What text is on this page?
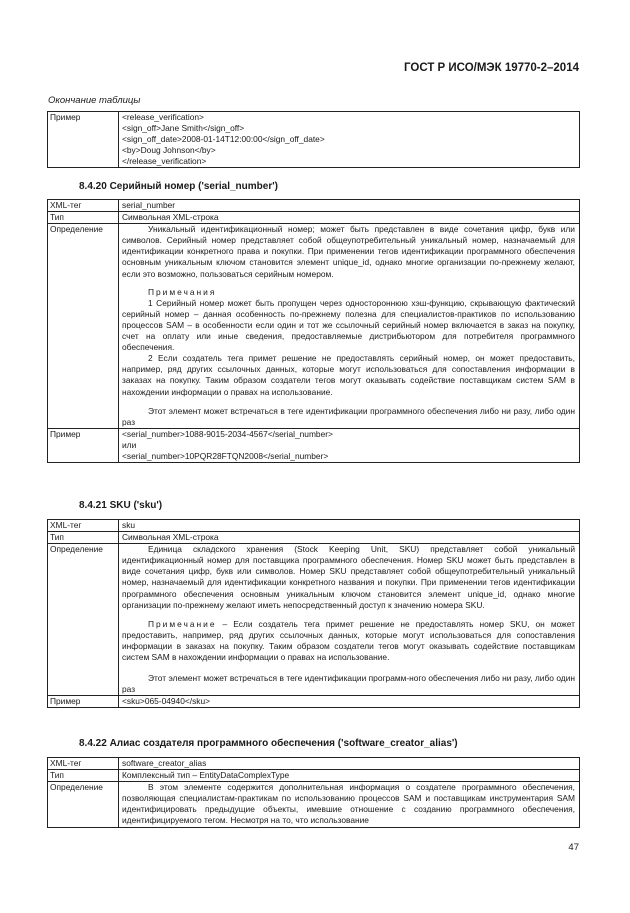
ГОСТ Р ИСО/МЭК 19770-2–2014
Окончание таблицы
Пример	<release_verification>
<sign_off>Jane Smith</sign_off>
<sign_off_date>2008-01-14T12:00:00</sign_off_date>
<by>Doug Johnson</by>
</release_verification>
8.4.20 Серийный номер ('serial_number')
XML-тег	serial_number
Тип	Символьная XML-строка
Определение	Уникальный идентификационный номер; может быть представлен в виде сочетания цифр, букв или символов. Серийный номер представляет собой общеупотребительный уникальный номер, назначаемый для идентификации конкретного права и покупки. При применении тегов идентификации программного обеспечения основным уникальным ключом становится элемент unique_id, однако многие организации по-прежнему желают, если это возможно, пользоваться серийным номером.

Примечания

1 Серийный номер может быть пропущен через одностороннюю хэш-функцию, скрывающую фактический серийный номер – данная особенность по-прежнему полезна для специалистов-практиков по использованию процессов SAM – в особенности если один и тот же ссылочный серийный номер включается в заказ на покупку, счет на оплату или иные сведения, предоставляемые дистрибьютором для потребителя программного обеспечения.

2 Если создатель тега примет решение не предоставлять серийный номер, он может предоставить, например, ряд других ссылочных данных, которые могут использоваться для сопоставления информации в заказах на покупку. Таким образом создатели тегов могут оказывать содействие поставщикам систем SAM в нахождении информации о правах на использование.

Этот элемент может встречаться в теге идентификации программного обеспечения либо ни разу, либо один раз

Пример	<serial_number>1088-9015-2034-4567</serial_number>
или
<serial_number>10PQR28FTQN2008</serial_number>
8.4.21 SKU ('sku')
XML-тег	sku
Тип	Символьная XML-строка
Определение	Единица складского хранения (Stock Keeping Unit, SKU) представляет собой уникальный идентификационный номер для поставщика программного обеспечения. Номер SKU может быть представлен в виде сочетания цифр, букв или символов. Номер SKU представляет собой общеупотребительный уникальный номер, назначаемый для идентификации конкретного названия и покупки. При применении тегов идентификации программного обеспечения основным уникальным ключом становится элемент unique_id, однако многие организации по-прежнему желают иметь непосредственный доступ к значению номера SKU.

Примечание – Если создатель тега примет решение не предоставлять номер SKU, он может предоставить, например, ряд других ссылочных данных, которые могут использоваться для сопоставления информации в заказах на покупку. Таким образом создатели тегов могут оказывать содействие поставщикам систем SAM в нахождении информации о правах на использование.

Этот элемент может встречаться в теге идентификации программ-ного обеспечения либо ни разу, либо один раз

Пример	<sku>065-04940</sku>
8.4.22 Алиас создателя программного обеспечения ('software_creator_alias')
XML-тег	software_creator_alias
Тип	Комплексный тип – EntityDataComplexType
Определение	В этом элементе содержится дополнительная информация о создателе программного обеспечения, позволяющая специалистам-практикам по использованию процессов SAM и поставщикам инструментария SAM идентифицировать предыдущие объекты, имевшие отношение с созданию программного обеспечения, идентифицируемого тегом. Несмотря на то, что использование

47
